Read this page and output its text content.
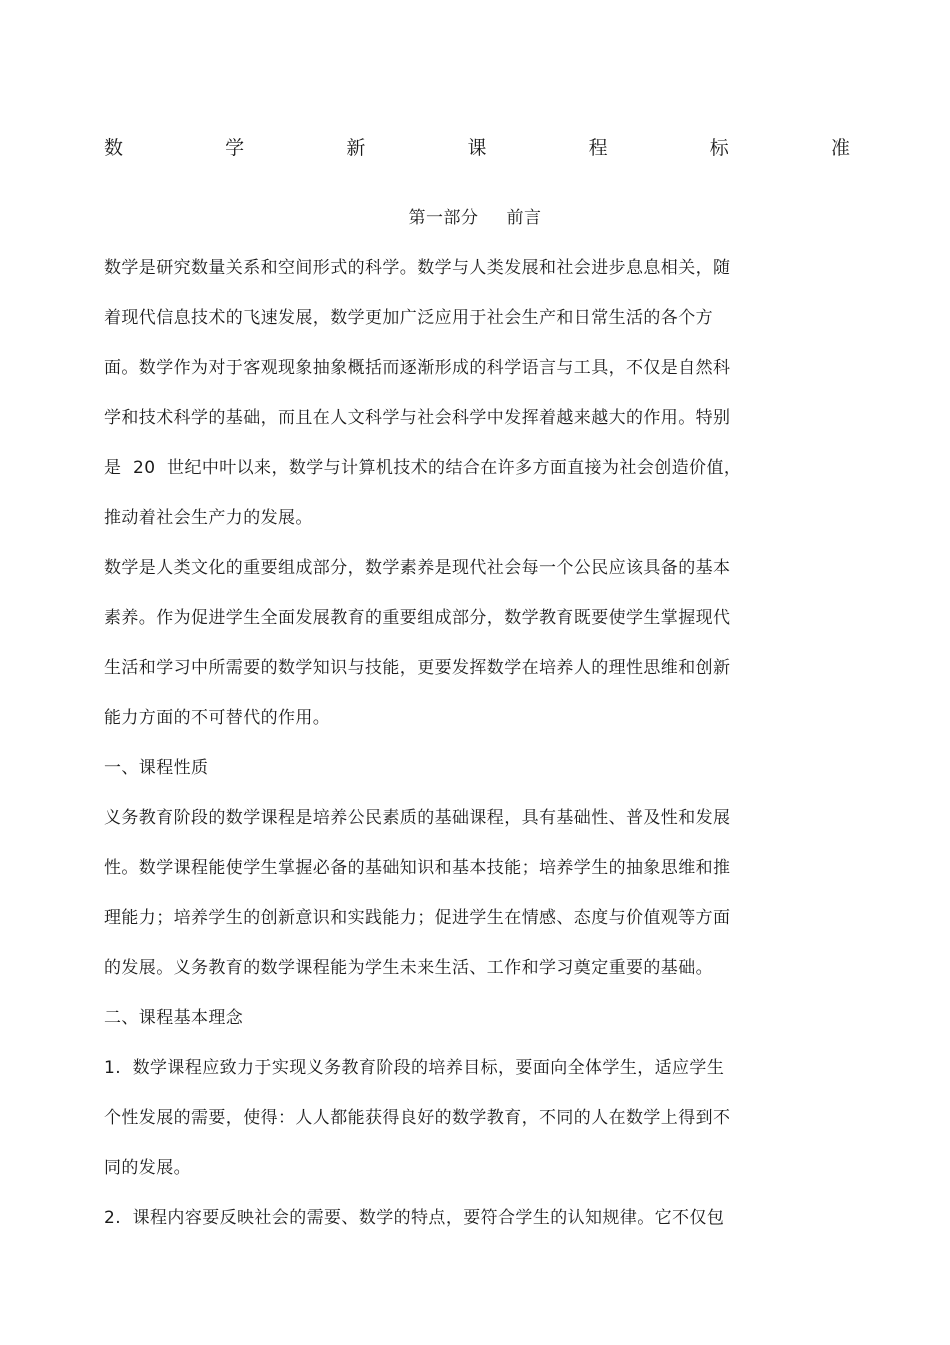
数	学	新	课	程	标	准
第一部分 前言
数学是研究数量关系和空间形式的科学。数学与人类发展和社会进步息息相关，随
着现代信息技术的飞速发展，数学更加广泛应用于社会生产和日常生活的各个方
面。数学作为对于客观现象抽象概括而逐渐形成的科学语言与工具，不仅是自然科
学和技术科学的基础，而且在人文科学与社会科学中发挥着越来越大的作用。特别
是  20  世纪中叶以来，数学与计算机技术的结合在许多方面直接为社会创造价值，
推动着社会生产力的发展。
数学是人类文化的重要组成部分，数学素养是现代社会每一个公民应该具备的基本
素养。作为促进学生全面发展教育的重要组成部分，数学教育既要使学生掌握现代
生活和学习中所需要的数学知识与技能，更要发挥数学在培养人的理性思维和创新
能力方面的不可替代的作用。
一、课程性质
义务教育阶段的数学课程是培养公民素质的基础课程，具有基础性、普及性和发展
性。数学课程能使学生掌握必备的基础知识和基本技能；培养学生的抽象思维和推
理能力；培养学生的创新意识和实践能力；促进学生在情感、态度与价值观等方面
的发展。义务教育的数学课程能为学生未来生活、工作和学习奠定重要的基础。
二、课程基本理念
1.  数学课程应致力于实现义务教育阶段的培养目标，要面向全体学生，适应学生
个性发展的需要，使得：人人都能获得良好的数学教育，不同的人在数学上得到不
同的发展。
2.  课程内容要反映社会的需要、数学的特点，要符合学生的认知规律。它不仅包
